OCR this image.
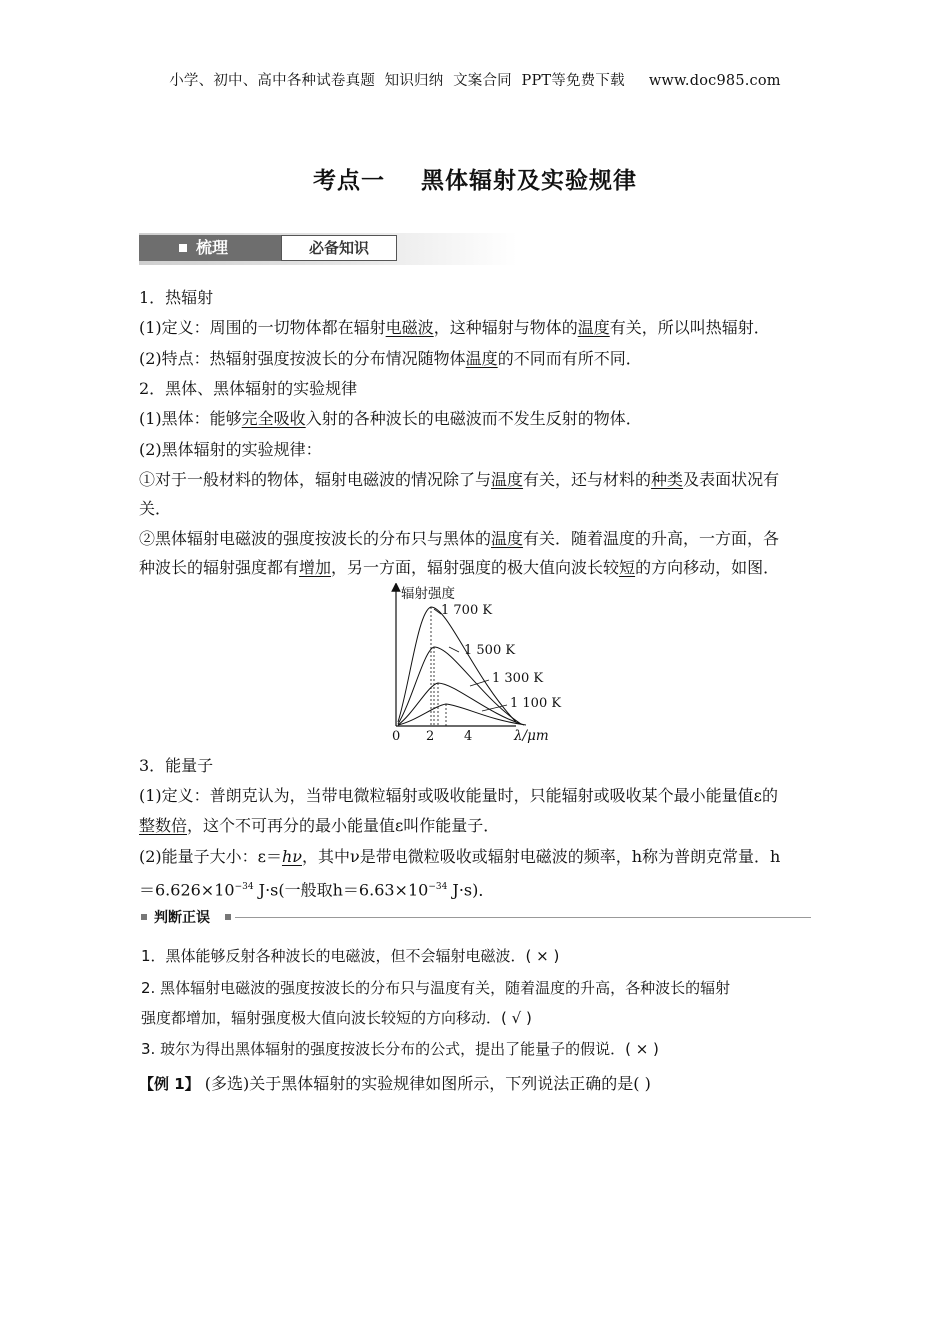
小学、初中、高中各种试卷真题  知识归纳  文案合同  PPT等免费下载     www.doc985.com
考点一    黑体辐射及实验规律
梳理	必备知识
1．热辐射
(1)定义：周围的一切物体都在辐射电磁波，这种辐射与物体的温度有关，所以叫热辐射．
(2)特点：热辐射强度按波长的分布情况随物体温度的不同而有所不同．
2．黑体、黑体辐射的实验规律
(1)黑体：能够完全吸收入射的各种波长的电磁波而不发生反射的物体．
(2)黑体辐射的实验规律：
①对于一般材料的物体，辐射电磁波的情况除了与温度有关，还与材料的种类及表面状况有
关．
②黑体辐射电磁波的强度按波长的分布只与黑体的温度有关．随着温度的升高，一方面，各
种波长的辐射强度都有增加，另一方面，辐射强度的极大值向波长较短的方向移动，如图．
辐射强度
λ/μm
0 2 4
1 700 K
1 500 K
1 300 K
1 100 K
3．能量子
(1)定义：普朗克认为，当带电微粒辐射或吸收能量时，只能辐射或吸收某个最小能量值ε的
整数倍，这个不可再分的最小能量值ε叫作能量子．
(2)能量子大小：ε＝hν，其中ν是带电微粒吸收或辐射电磁波的频率，h称为普朗克常量．h
$=6.626\times 10^{-34}$ J·s(一般取$h=6.63\times 10^{-34}$ J·s)．
判断正误
1．黑体能够反射各种波长的电磁波，但不会辐射电磁波．( × )
2. 黑体辐射电磁波的强度按波长的分布只与温度有关，随着温度的升高，各种波长的辐射
强度都增加，辐射强度极大值向波长较短的方向移动．( √ )
3. 玻尔为得出黑体辐射的强度按波长分布的公式，提出了能量子的假说．( × )
【例 1】 (多选)关于黑体辐射的实验规律如图所示，下列说法正确的是( )
